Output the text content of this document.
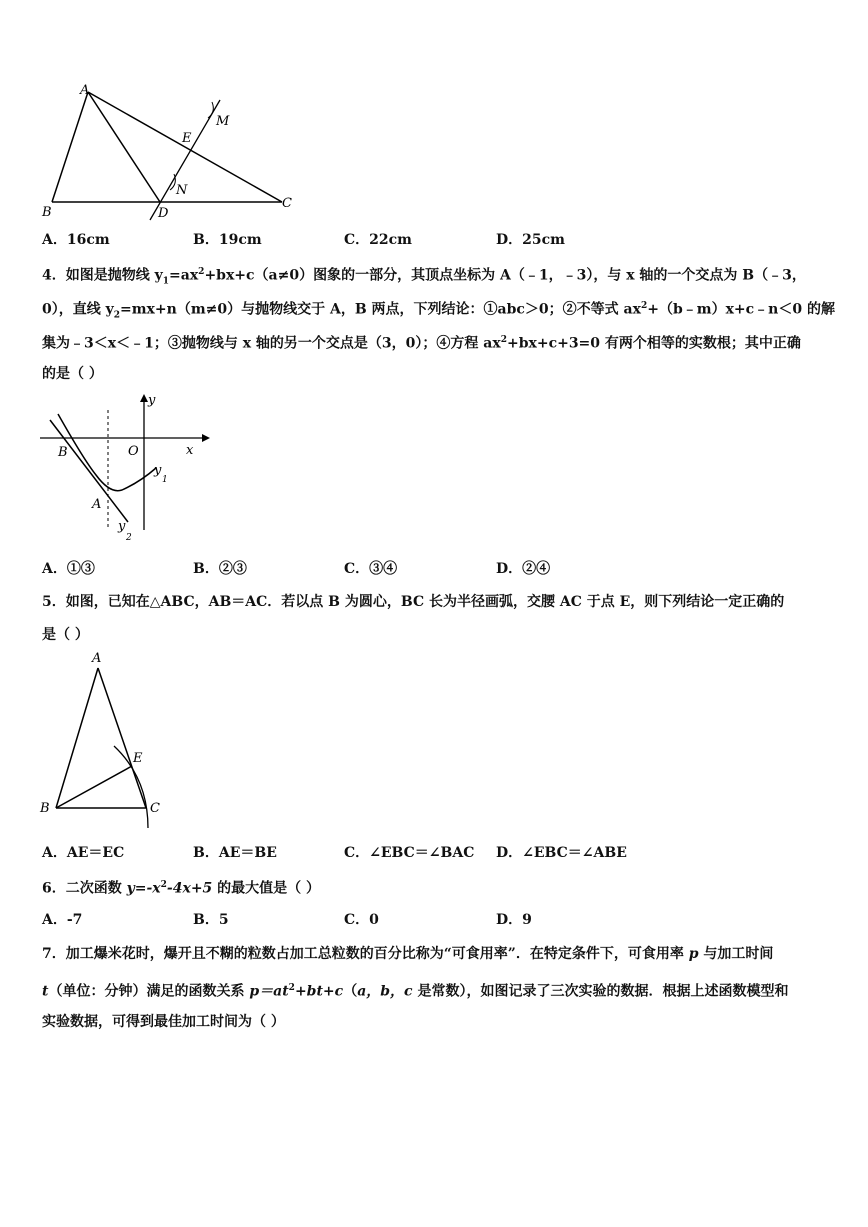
A
B
C
D
E
M
N
A．16cm	B．19cm	C．22cm	D．25cm
4．如图是抛物线 $y_1=ax^2+bx+c(a\ne 0)$图象的一部分，其顶点坐标为 A（﹣1，﹣3），与 x 轴的一个交点为 B（﹣3，
0），直线 $y_2=mx+n(m\ne 0)$与抛物线交于 A，B 两点，下列结论：①abc＞0；②不等式 $ax^2+(b﹣m)x+c﹣n<0$ 的解
集为﹣3＜x＜﹣1；③抛物线与 x 轴的另一个交点是（3，0）；④方程 $ax^2+bx+c+3=0$ 有两个相等的实数根；其中正确
的是（ ）
y
x
O
B
A
y
1
y
2
A．①③	B．②③	C．③④	D．②④
5．如图，已知在△ABC，AB＝AC．若以点 B 为圆心，BC 长为半径画弧，交腰 AC 于点 E，则下列结论一定正确的
是（ ）
A
B	C
E
A．AE＝EC	B．AE＝BE	C．∠EBC＝∠BAC D．∠EBC＝∠ABE
6．二次函数 $y=-x^2-4x+5$ 的最大值是（ ）
A．-7	B．5	C．0	D．9
7．加工爆米花时，爆开且不糊的粒数占加工总粒数的百分比称为“可食用率”．在特定条件下，可食用率 p 与加工时间
t（单位：分钟）满足的函数关系 $p=at^2+bt+c(a$，b，c 是常数），如图记录了三次实验的数据．根据上述函数模型和
实验数据，可得到最佳加工时间为（ ）
